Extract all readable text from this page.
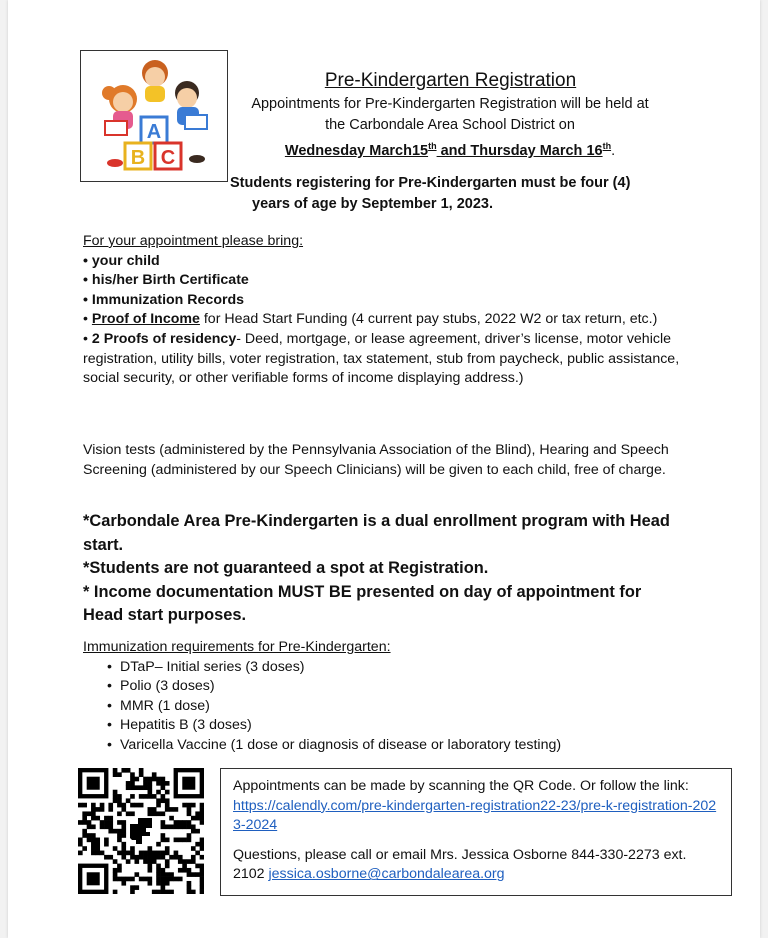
A
B C
Pre-Kindergarten Registration
Appointments for Pre-Kindergarten Registration will be held at
the Carbondale Area School District on
Wednesday March15th and Thursday March 16th.
Students registering for Pre-Kindergarten must be four (4)
years of age by September 1, 2023.
For your appointment please bring:
• your child
• his/her Birth Certificate
• Immunization Records
• Proof of Income for Head Start Funding (4 current pay stubs, 2022 W2 or tax return, etc.)
• 2 Proofs of residency- Deed, mortgage, or lease agreement, driver’s license, motor vehicle registration, utility bills, voter registration, tax statement, stub from paycheck, public assistance, social security, or other verifiable forms of income displaying address.)
Vision tests (administered by the Pennsylvania Association of the Blind), Hearing and Speech Screening (administered by our Speech Clinicians) will be given to each child, free of charge.
*Carbondale Area Pre-Kindergarten is a dual enrollment program with Head start.
*Students are not guaranteed a spot at Registration.
* Income documentation MUST BE presented on day of appointment for Head start purposes.
Immunization requirements for Pre-Kindergarten:
• DTaP– Initial series (3 doses)
• Polio (3 doses)
• MMR (1 dose)
• Hepatitis B (3 doses)
• Varicella Vaccine (1 dose or diagnosis of disease or laboratory testing)
Appointments can be made by scanning the QR Code. Or follow the link:
https://calendly.com/pre-kindergarten-registration22-23/pre-k-registration-2023-2024
Questions, please call or email Mrs. Jessica Osborne 844-330-2273 ext. 2102 jessica.osborne@carbondalearea.org
